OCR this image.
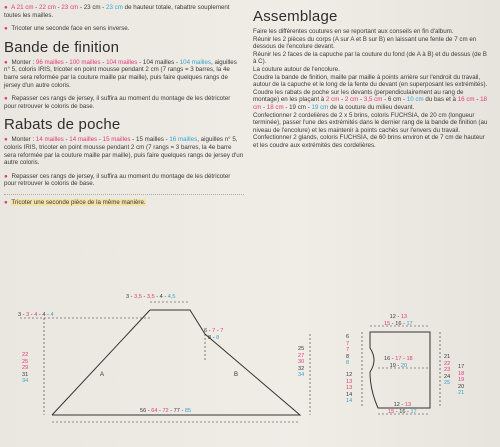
● A 21 cm - 22 cm - 23 cm - 23 cm - 23 cm de hauteur totale, rabattre souplement toutes les mailles.
● Tricoter une seconde face en sens inverse.
Bande de finition
● Monter : 96 mailles - 100 mailles - 104 mailles - 104 mailles - 104 mailles, aiguilles n° 5, coloris IRIS, tricoter en point mousse pendant 2 cm (7 rangs = 3 barres, la 4e barre sera reformée par la couture maille par maille), puis faire quelques rangs de jersey d'un autre coloris.
● Repasser ces rangs de jersey, il suffira au moment du montage de les détricoter pour retrouver le coloris de base.
Rabats de poche
● Monter : 14 mailles - 14 mailles - 15 mailles - 15 mailles - 16 mailles, aiguilles n° 5, coloris IRIS, tricoter en point mousse pendant 2 cm (7 rangs = 3 barres, la 4e barre sera reformée par la couture maille par maille), puis faire quelques rangs de jersey d'un autre coloris.
● Repasser ces rangs de jersey, il suffira au moment du montage de les détricoter pour retrouver le coloris de base.
● Tricoter une seconde pièce de la même manière.
Assemblage
Faire les différentes coutures en se reportant aux conseils en fin d'album.
Réunir les 2 pièces du corps (A sur A et B sur B) en laissant une fente de 7 cm en dessous de l'encolure devant.
Réunir les 2 faces de la capuche par la couture du fond (de A à B) et du dessus (de B à C).
La couture autour de l'encolure.
Coudre la bande de finition, maille par maille à points arrière sur l'endroit du travail, autour de la capuche et le long de la fente du devant (en superposant les extrémités).
Coudre les rabats de poche sur les devants (perpendiculairement au rang de montage) en les plaçant à 2 cm - 2 cm - 3,5 cm - 6 cm - 10 cm du bas et à 16 cm - 18 cm - 18 cm - 19 cm - 19 cm de la couture du milieu devant.
Confectionner 2 cordelières de 2 x 5 brins, coloris FUCHSIA, de 20 cm (longueur terminée), passer l'une des extrémités dans le dernier rang de la bande de finition (au niveau de l'encolure) et les maintenir à points cachés sur l'envers du travail.
Confectionner 2 glands, coloris FUCHSIA, de 60 brins environ et de 7 cm de hauteur et les coudre aux extrémités des cordelières.
3 - 3,5 - 3,5 - 4 - 4,5
3 - 3 - 4 - 4 - 4
6 - 7 - 7
8 - 8
22
25
29
31
34
25
27
30
32
34
56 - 64 - 72 - 77 - 85
A	B
12 - 13
15 - 16 - 17
16 - 17 - 18
19 - 20
12 - 13
15 - 16 - 17
6
7
7
8
8
12
13
13
14
14
21
22
23
24
25
17
18
19
20
21
